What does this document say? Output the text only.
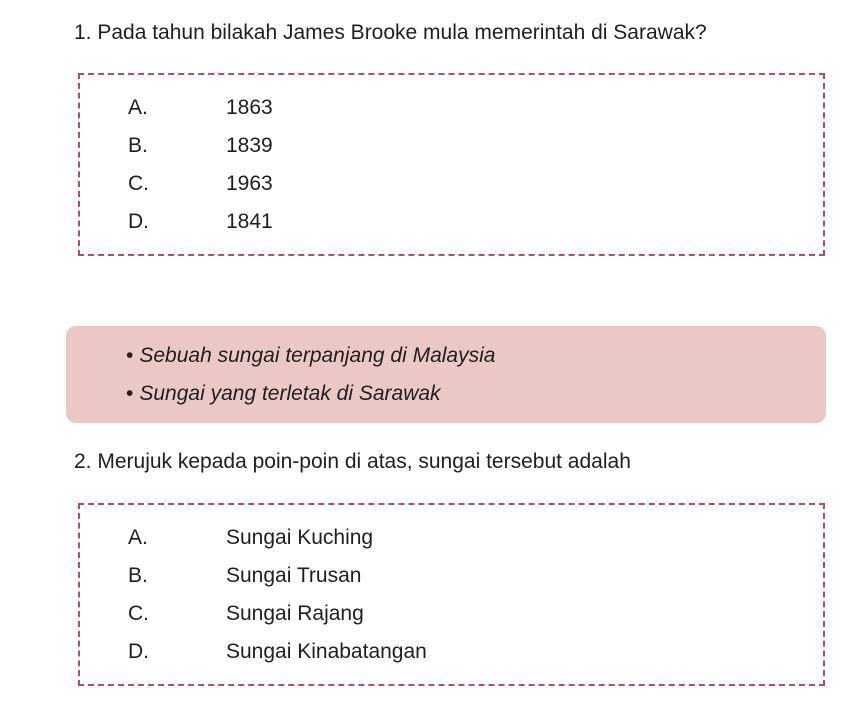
1. Pada tahun bilakah James Brooke mula memerintah di Sarawak?
A.	1863
B.	1839
C.	1963
D.	1841
• Sebuah sungai terpanjang di Malaysia
• Sungai yang terletak di Sarawak
2. Merujuk kepada poin-poin di atas, sungai tersebut adalah
A.	Sungai Kuching
B.	Sungai Trusan
C.	Sungai Rajang
D.	Sungai Kinabatangan
